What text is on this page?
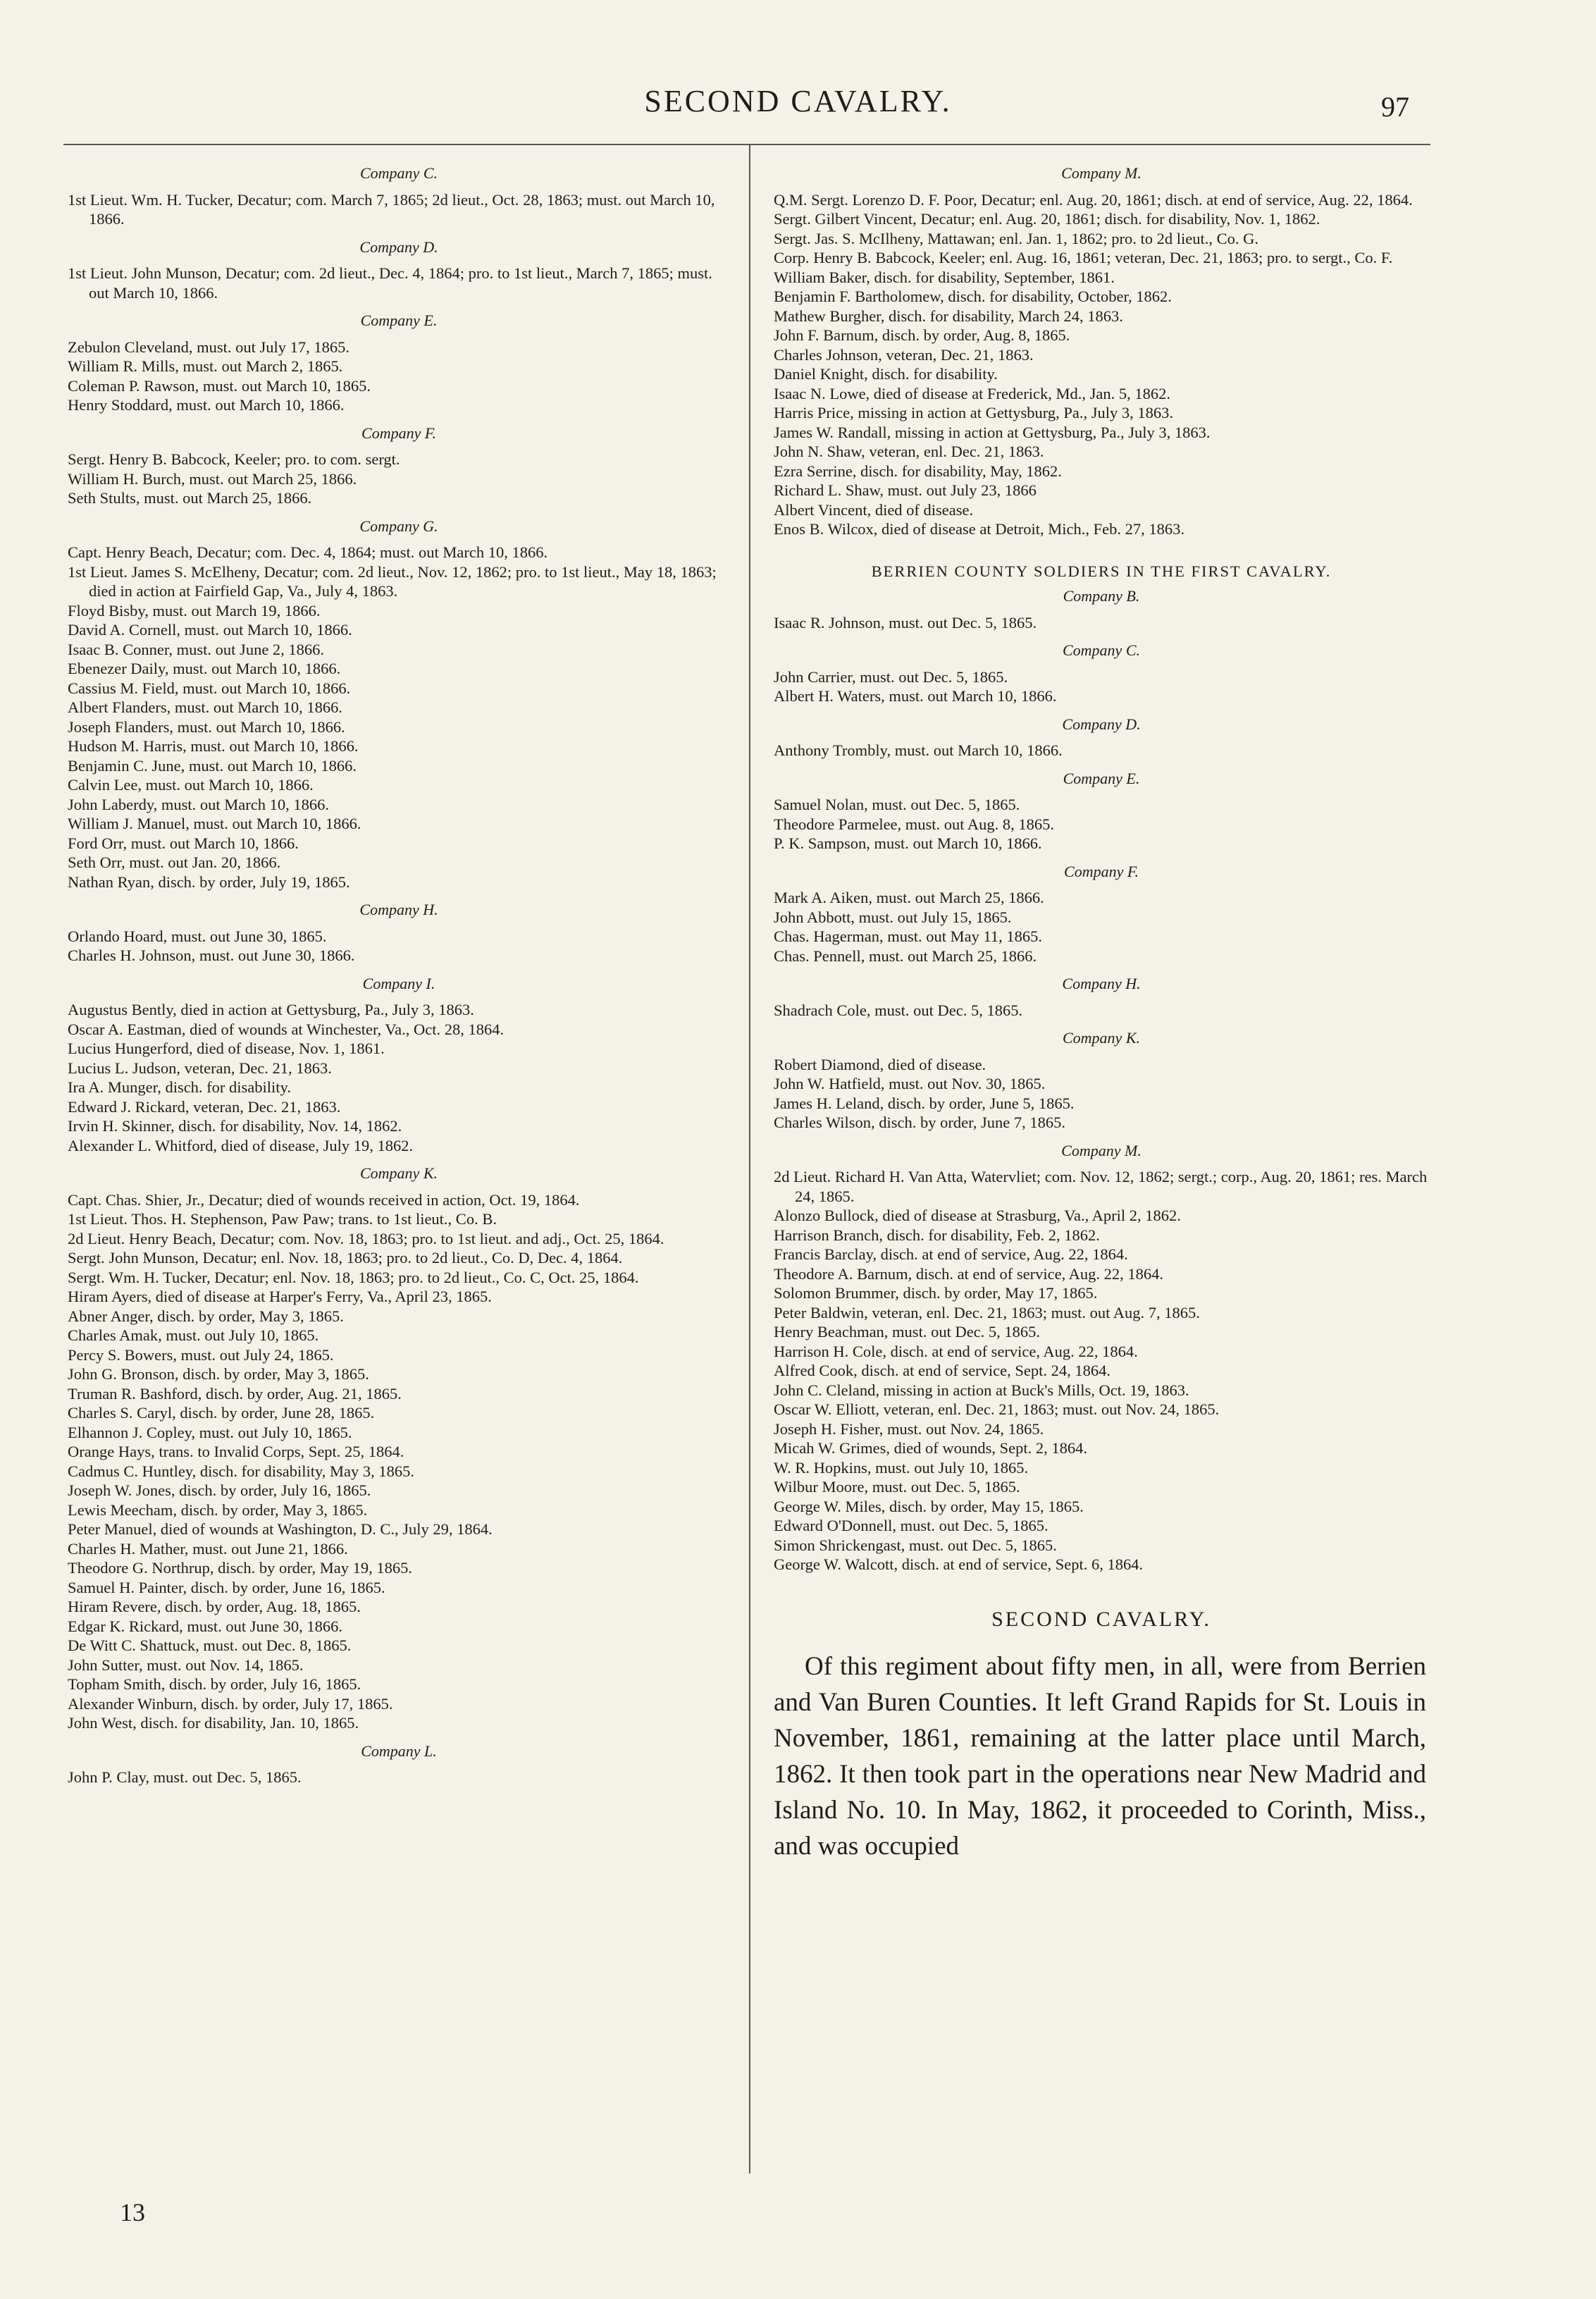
SECOND CAVALRY.	97
Company C.

1st Lieut. Wm. H. Tucker, Decatur; com. March 7, 1865; 2d lieut., Oct. 28, 1863; must. out March 10, 1866.

Company D.

1st Lieut. John Munson, Decatur; com. 2d lieut., Dec. 4, 1864; pro. to 1st lieut., March 7, 1865; must. out March 10, 1866.

Company E.

Zebulon Cleveland, must. out July 17, 1865.

William R. Mills, must. out March 2, 1865.

Coleman P. Rawson, must. out March 10, 1865.

Henry Stoddard, must. out March 10, 1866.

Company F.

Sergt. Henry B. Babcock, Keeler; pro. to com. sergt.

William H. Burch, must. out March 25, 1866.

Seth Stults, must. out March 25, 1866.

Company G.

Capt. Henry Beach, Decatur; com. Dec. 4, 1864; must. out March 10, 1866.

1st Lieut. James S. McElheny, Decatur; com. 2d lieut., Nov. 12, 1862; pro. to 1st lieut., May 18, 1863; died in action at Fairfield Gap, Va., July 4, 1863.

Floyd Bisby, must. out March 19, 1866.

David A. Cornell, must. out March 10, 1866.

Isaac B. Conner, must. out June 2, 1866.

Ebenezer Daily, must. out March 10, 1866.

Cassius M. Field, must. out March 10, 1866.

Albert Flanders, must. out March 10, 1866.

Joseph Flanders, must. out March 10, 1866.

Hudson M. Harris, must. out March 10, 1866.

Benjamin C. June, must. out March 10, 1866.

Calvin Lee, must. out March 10, 1866.

John Laberdy, must. out March 10, 1866.

William J. Manuel, must. out March 10, 1866.

Ford Orr, must. out March 10, 1866.

Seth Orr, must. out Jan. 20, 1866.

Nathan Ryan, disch. by order, July 19, 1865.

Company H.

Orlando Hoard, must. out June 30, 1865.

Charles H. Johnson, must. out June 30, 1866.

Company I.

Augustus Bently, died in action at Gettysburg, Pa., July 3, 1863.

Oscar A. Eastman, died of wounds at Winchester, Va., Oct. 28, 1864.

Lucius Hungerford, died of disease, Nov. 1, 1861.

Lucius L. Judson, veteran, Dec. 21, 1863.

Ira A. Munger, disch. for disability.

Edward J. Rickard, veteran, Dec. 21, 1863.

Irvin H. Skinner, disch. for disability, Nov. 14, 1862.

Alexander L. Whitford, died of disease, July 19, 1862.

Company K.

Capt. Chas. Shier, Jr., Decatur; died of wounds received in action, Oct. 19, 1864.

1st Lieut. Thos. H. Stephenson, Paw Paw; trans. to 1st lieut., Co. B.

2d Lieut. Henry Beach, Decatur; com. Nov. 18, 1863; pro. to 1st lieut. and adj., Oct. 25, 1864.

Sergt. John Munson, Decatur; enl. Nov. 18, 1863; pro. to 2d lieut., Co. D, Dec. 4, 1864.

Sergt. Wm. H. Tucker, Decatur; enl. Nov. 18, 1863; pro. to 2d lieut., Co. C, Oct. 25, 1864.

Hiram Ayers, died of disease at Harper's Ferry, Va., April 23, 1865.

Abner Anger, disch. by order, May 3, 1865.

Charles Amak, must. out July 10, 1865.

Percy S. Bowers, must. out July 24, 1865.

John G. Bronson, disch. by order, May 3, 1865.

Truman R. Bashford, disch. by order, Aug. 21, 1865.

Charles S. Caryl, disch. by order, June 28, 1865.

Elhannon J. Copley, must. out July 10, 1865.

Orange Hays, trans. to Invalid Corps, Sept. 25, 1864.

Cadmus C. Huntley, disch. for disability, May 3, 1865.

Joseph W. Jones, disch. by order, July 16, 1865.

Lewis Meecham, disch. by order, May 3, 1865.

Peter Manuel, died of wounds at Washington, D. C., July 29, 1864.

Charles H. Mather, must. out June 21, 1866.

Theodore G. Northrup, disch. by order, May 19, 1865.

Samuel H. Painter, disch. by order, June 16, 1865.

Hiram Revere, disch. by order, Aug. 18, 1865.

Edgar K. Rickard, must. out June 30, 1866.

De Witt C. Shattuck, must. out Dec. 8, 1865.

John Sutter, must. out Nov. 14, 1865.

Topham Smith, disch. by order, July 16, 1865.

Alexander Winburn, disch. by order, July 17, 1865.

John West, disch. for disability, Jan. 10, 1865.

Company L.

John P. Clay, must. out Dec. 5, 1865.

Company M.

Q.M. Sergt. Lorenzo D. F. Poor, Decatur; enl. Aug. 20, 1861; disch. at end of service, Aug. 22, 1864.

Sergt. Gilbert Vincent, Decatur; enl. Aug. 20, 1861; disch. for disability, Nov. 1, 1862.

Sergt. Jas. S. McIlheny, Mattawan; enl. Jan. 1, 1862; pro. to 2d lieut., Co. G.

Corp. Henry B. Babcock, Keeler; enl. Aug. 16, 1861; veteran, Dec. 21, 1863; pro. to sergt., Co. F.

William Baker, disch. for disability, September, 1861.

Benjamin F. Bartholomew, disch. for disability, October, 1862.

Mathew Burgher, disch. for disability, March 24, 1863.

John F. Barnum, disch. by order, Aug. 8, 1865.

Charles Johnson, veteran, Dec. 21, 1863.

Daniel Knight, disch. for disability.

Isaac N. Lowe, died of disease at Frederick, Md., Jan. 5, 1862.

Harris Price, missing in action at Gettysburg, Pa., July 3, 1863.

James W. Randall, missing in action at Gettysburg, Pa., July 3, 1863.

John N. Shaw, veteran, enl. Dec. 21, 1863.

Ezra Serrine, disch. for disability, May, 1862.

Richard L. Shaw, must. out July 23, 1866

Albert Vincent, died of disease.

Enos B. Wilcox, died of disease at Detroit, Mich., Feb. 27, 1863.

BERRIEN COUNTY SOLDIERS IN THE FIRST CAVALRY.
Company B.

Isaac R. Johnson, must. out Dec. 5, 1865.

Company C.

John Carrier, must. out Dec. 5, 1865.

Albert H. Waters, must. out March 10, 1866.

Company D.

Anthony Trombly, must. out March 10, 1866.

Company E.

Samuel Nolan, must. out Dec. 5, 1865.

Theodore Parmelee, must. out Aug. 8, 1865.

P. K. Sampson, must. out March 10, 1866.

Company F.

Mark A. Aiken, must. out March 25, 1866.

John Abbott, must. out July 15, 1865.

Chas. Hagerman, must. out May 11, 1865.

Chas. Pennell, must. out March 25, 1866.

Company H.

Shadrach Cole, must. out Dec. 5, 1865.

Company K.

Robert Diamond, died of disease.

John W. Hatfield, must. out Nov. 30, 1865.

James H. Leland, disch. by order, June 5, 1865.

Charles Wilson, disch. by order, June 7, 1865.

Company M.

2d Lieut. Richard H. Van Atta, Watervliet; com. Nov. 12, 1862; sergt.; corp., Aug. 20, 1861; res. March 24, 1865.

Alonzo Bullock, died of disease at Strasburg, Va., April 2, 1862.

Harrison Branch, disch. for disability, Feb. 2, 1862.

Francis Barclay, disch. at end of service, Aug. 22, 1864.

Theodore A. Barnum, disch. at end of service, Aug. 22, 1864.

Solomon Brummer, disch. by order, May 17, 1865.

Peter Baldwin, veteran, enl. Dec. 21, 1863; must. out Aug. 7, 1865.

Henry Beachman, must. out Dec. 5, 1865.

Harrison H. Cole, disch. at end of service, Aug. 22, 1864.

Alfred Cook, disch. at end of service, Sept. 24, 1864.

John C. Cleland, missing in action at Buck's Mills, Oct. 19, 1863.

Oscar W. Elliott, veteran, enl. Dec. 21, 1863; must. out Nov. 24, 1865.

Joseph H. Fisher, must. out Nov. 24, 1865.

Micah W. Grimes, died of wounds, Sept. 2, 1864.

W. R. Hopkins, must. out July 10, 1865.

Wilbur Moore, must. out Dec. 5, 1865.

George W. Miles, disch. by order, May 15, 1865.

Edward O'Donnell, must. out Dec. 5, 1865.

Simon Shrickengast, must. out Dec. 5, 1865.

George W. Walcott, disch. at end of service, Sept. 6, 1864.

SECOND CAVALRY.

Of this regiment about fifty men, in all, were from Berrien and Van Buren Counties. It left Grand Rapids for St. Louis in November, 1861, remaining at the latter place until March, 1862. It then took part in the operations near New Madrid and Island No. 10. In May, 1862, it proceeded to Corinth, Miss., and was occupied

13
